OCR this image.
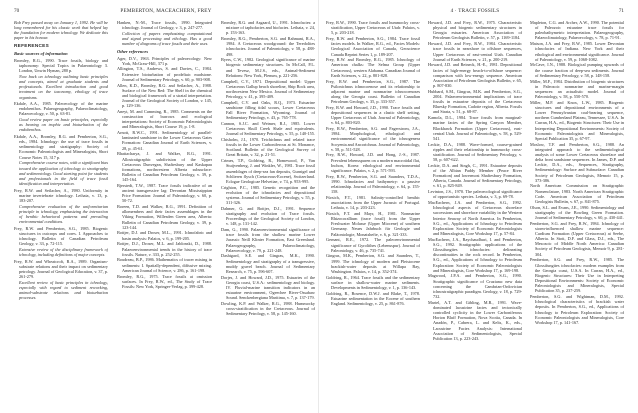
70	PEMBERTON, MACEACHERN, FREY	4 · TRACE FOSSILS	71

Bob Frey passed away on January 1, 1992. He will be long remembered for his classic work that helped lay the foundation for modern ichnology. We dedicate this paper in his honour.

REFERENCES
Basic sources of information

Bromley, R.G., 1990. Trace fossils, biology and taphonomy: Special Topics in Palaeontology 3. London, Unwin Hyman, 280 p.

Now back on ichnology outlining basic principles and concepts, aimed at graduate students and professionals. Excellent introduction and good treatment on the taxonomy, ethology of trace organisms.

Ekdale, A.A., 1985. Paleoecology of the marine endobenthos. Palaeogeography, Palaeoclimatology, Palaeoecology, v. 50, p. 63-81.

Good review paper on basic principles, especially as bearing on trophic and bioturbation of the endobenthos.

Ekdale, A.A., Bromley, R.G. and Pemberton, S.G., eds., 1984. Ichnology: the use of trace fossils in sedimentology and stratigraphy: Society of Economic Paleontologists and Mineralogists, Short Course Notes 15, 317 p.

Comprehensive course notes, with a significant bias toward the application of ichnology to stratigraphy and sedimentology. Good starting point for students and professionals in the field of trace fossil identification and interpretation.

Frey, R.W. and Seilacher, A., 1980. Uniformity in marine invertebrate ichnology. Lethaia, v. 13, p. 183-207.

Comprehensive evaluation of the uniformitarian principle in ichnology, emphasizing the interaction of benthic behavioral patterns and prevailing environmental conditions.

Frey, R.W. and Pemberton, S.G., 1985. Biogenic structures in outcrops and cores. I. Approaches to ichnology. Bulletin of Canadian Petroleum Geology, v. 33, p. 72-115.

Extensive review of the disciplinary framework of ichnology, including definitions of major concepts.

Frey, R.W. and Wheatcroft, R.A., 1989. Organism-substrate relations and their impact on sedimentary petrology. Journal of Geological Education, v. 37, p. 261-279.

Excellent review of basic principles in ichnology, especially with regard to sediment reworking, animal-substrate relations and bioturbation processes.

Hanken, N.-M., Trace fossils, 1990. Integrated ichnology. Journal of Geology, v. 3, p. 247-277.

Collection of papers emphasizing computational and signal processing and ethology. Has a good number of diagrams of trace fossils and their uses.

Other references

Ager, D.V., 1963. Principles of paleoecology: New York, McGraw-Hill, 371 p.

Allington, T.S., Andrews, S. and Davies, C., 1984. Extensive bioturbation of prodeltaic mudstone. Journal of Sedimentary Petrology, v. 60, p. 903-908.

Allen, K.D., Bromley, R.G. and Seilacher, A., 1988. Surface of the New Red: The Shelf in the chemical and biological framework of a stratal interpretation. Journal of the Geological Society of London, v. 145, p. 129-136.

Aneyt, M. and Cumming, R., 1985. Comments on the construction of burrows and ecological interpretations: Society of Economic Paleontologists and Mineralogists, Short Course 19, p. 1-8.

Arnott, R.W.C., 1991. Sedimentology of parallel-laminated sandstone in the Lower Cretaceous Gates Formation: Canadian Journal of Earth Sciences, v. 28, p. 45-61.

Bhattacharya, J. and Walker, R.G., 1991. Allostratigraphic subdivision of the Upper Cretaceous Dunvegan, Shaftesbury and Kaskapau formations, northwestern Alberta subsurface: Bulletin of Canadian Petroleum Geology, v. 39, p. 145-164.

Bjerstedt, T.W., 1987. Trace fossils indicative of an ancient transgressive lag: Devonian Mississippian Price Formation: Journal of Paleontology, v. 60, p. 50-72.

Boreen, T.D. and Walker, R.G., 1991. Definition of allomembers and their facies assemblages in the Viking Formation, Willesden Green area, Alberta: Bulletin of Canadian Petroleum Geology, v. 39, p. 123-144.

Bottjer, D.J. and Droser, M.L., 1991. Ichnofabric and basin analysis: Palaios, v. 6, p. 199-205.

Bottjer, D.J., Droser, M.L. and Jablonski, D., 1988. Palaeoenvironmental trends in the history of trace fossils. Nature, v. 333, p. 252-255.

Boudreau, B.P., 1986. Mathematics of tracer mixing in sediments: I. Spatially-dependent, diffusive mixing. American Journal of Science, v. 286, p. 161-198.

Bromley, R.G., 1975. Trace fossils at omission surfaces. In Frey, R.W., ed., The Study of Trace Fossils: New York, Springer-Verlag, p. 399-428.

Bromley, R.G. and Asgaard, U., 1991. Ichnofacies: a mixture of taphofacies and biofacies. Lethaia, v. 24, p. 153-163.

Bromley, R.G., Pemberton, S.G. and Rahmani, R.A., 1984. A Cretaceous woodground: the Teredolites ichnofacies. Journal of Paleontology, v. 58, p. 488-498.

Byers, C.W., 1982. Geological significance of marine biogenic sedimentary structures. In McCall, P.L. and Tevesz, M.J.S., eds., Animal-Sediment Relations: New York, Plenum, p. 221-256.

Campbell, C.V., 1971. Depositional model: Upper Cretaceous Gallup beach shoreline, Ship Rock area, northwestern New Mexico. Journal of Sedimentary Petrology, v. 41, p. 395-409.

Campbell, C.V. and Oaks, R.Q., 1973. Estuarine sandstone filling tidal scours, Lower Cretaceous Fall River Formation, Wyoming. Journal of Sedimentary Petrology, v. 43, p. 765-778.

Cannon, S.J.C. and Weimer, R.J., 1985. Lower Cretaceous Skull Creek Shale and equivalents. Journal of Sedimentary Petrology, v. 55, p. 140-155.

Chisholm, J.I., 1970. Teichichnus and related trace fossils in the Lower Carboniferous at St. Monance, Scotland. Bulletin of the Geological Survey of Great Britain, v. 32, p. 21-51.

Crimes, T.P., Goldring, R., Homewood, P., Van Stuijvenberg, J. and Winkler, W., 1981. Trace fossil assemblages of deep-sea fan deposits, Gurnigel and Schlieren flysch (Cretaceous-Eocene), Switzerland. Eclogae Geologicae Helvetiae, v. 74, p. 953-995.

Crighton, P.C., 1985. Genetic recognition and the evolution of the ichnofacies and depositional systems. Journal of Sedimentary Petrology, v. 55, p. 311-326.

Dahmer, G. and Bottjer, D.J., 1991. Sequence stratigraphy and evolution of Trace fossils. Proceedings of the Geological Society of London, v. 148, p. 131-142.

Dam, G., 1990. Palaeoenvironmental significance of trace fossils from the shallow marine Lower Jurassic Neill Klinter Formation, East Greenland. Palaeogeography, Palaeoclimatology, Palaeoecology, v. 79, p. 221-248.

Dashtgard, S.E. and Gingras, M.K., 1990. Sedimentology and stratigraphy of a transgressive, muddy gravel beach. Journal of Sedimentary Research, v. 75, p. 596-607.

Dorjes, J. and Howard, J.D., 1975. Estuaries of the Georgia coast, U.S.A.: sedimentology and biology. IV. Fluvial-marine transition indicators in an estuarine environment, Ogeechee River-Ossabaw Sound. Senckenbergiana Maritima, v. 7, p. 137-179.

Dowling, K.P. and Walker, R.G., 1988. Hummocky cross-stratification in the Cretaceous. Journal of Sedimentary Petrology, v. 58, p. 145-160.

Frey, R.W., 1990. Trace fossils and hummocky cross-stratification, Upper Cretaceous of Utah: Palaios, v. 5, p. 203-218.

Frey, R.W. and Pemberton, S.G., 1984. Trace fossil facies models. In Walker, R.G., ed., Facies Models: Geological Association of Canada, Geoscience Canada Reprint Series 1, p. 189-207.

Frey, R.W. and Bromley, R.G., 1985. Ichnology of American chalks: The Selma Group (Upper Cretaceous), western Alabama. Canadian Journal of Earth Sciences, v. 22, p. 801-828.

Frey, R.W. and Pemberton, S.G., 1987. The Psilonichnus ichnocoenose and its relationship to adjacent marine and nonmarine ichnocoenoses along the Georgia coast. Bulletin of Canadian Petroleum Geology, v. 35, p. 333-357.

Frey, R.W. and Howard, J.D., 1990. Trace fossils and depositional sequences in a clastic shelf setting, Upper Cretaceous of Utah. Journal of Paleontology, v. 64, p. 803-820.

Frey, R.W., Pemberton, S.G. and Fagerstrom, J.A., 1984. Morphological, ethological and environmental significance of the ichnogenera Scoyenia and Ancorichnus. Journal of Paleontology, v. 58, p. 511-528.

Frey, R.W., Howard, J.D. and Hong, J.-S., 1987. Prevalent lebensspuren on a modern macrotidal flat, Inchon, Korea: ethological and environmental significance. Palaios, v. 2, p. 571-593.

Frey, R.W., Pemberton, S.G. and Saunders, T.D.A., 1990. Ichnofacies and bathymetry: a passive relationship. Journal of Paleontology, v. 64, p. 155-158.

Fürsich, F.T., 1981. Salinity-controlled benthic associations from the Upper Jurassic of Portugal. Lethaia, v. 14, p. 203-223.

Fürsich, F.T. and Mayr, H., 1981. Nonmarine Rhizocorallium (trace fossil) from the Upper Freshwater Molasse (Upper Miocene) of southern Germany. Neues Jahrbuch für Geologie und Paläontologie, Monatshefte, v. 6, p. 321-333.

Gernant, R.E., 1972. The paleoenvironmental significance of Gyrolithes (Lebensspur). Journal of Paleontology, v. 46, p. 735-741.

Gingras, M.K., Pemberton, S.G. and Saunders, T., 1999. The ichnology of modern and Pleistocene brackish-water deposits at Willapa Bay, Washington. Palaios, v. 14, p. 352-374.

Goldring, R., 1964. Trace fossils and the sedimentary surface in shallow-water marine sediments. Developments in Sedimentology, v. 1, p. 136-143.

Goldring, R., Bosence, D.W.J. and Blake, T., 1978. Estuarine sedimentation in the Eocene of southern England. Sedimentology, v. 25, p. 861-876.

Howard, J.D. and Frey, R.W., 1975. Characteristic physical and biogenic sedimentary structures in Georgia estuaries. American Association of Petroleum Geologists Bulletin, v. 57, p. 1169-1184.

Howard, J.D. and Frey, R.W., 1984. Characteristic trace fossils in nearshore to offshore sequences, Upper Cretaceous of east-central Utah. Canadian Journal of Earth Sciences, v. 21, p. 200-219.

Howard, J.D. and Reineck, H.-E., 1981. Depositional facies of high-energy beach-to-offshore sequence: comparison with low-energy sequence. American Association of Petroleum Geologists Bulletin, v. 65, p. 807-830.

Hubbard, S.M., Gingras, M.K. and Pemberton, S.G., 2004. Palaeoenvironmental implications of trace fossils in estuarine deposits of the Cretaceous Bluesky Formation, Cadotte region, Alberta. Fossils and Strata, v. 51, p. 68-87.

Kamola, D.L., 1984. Trace fossils from marginal-marine facies of the Spring Canyon Member, Blackhawk Formation (Upper Cretaceous), east-central Utah. Journal of Paleontology, v. 58, p. 529-541.

Leckie, D.A., 1988. Wave-formed, coarse-grained ripples and their relationship to hummocky cross-stratification. Journal of Sedimentary Petrology, v. 58, p. 607-622.

Leckie, D.A. and Singh, C., 1991. Estuarine deposits of the Albian Paddy Member (Peace River Formation) and lowermost Shaftesbury Formation, Alberta, Canada. Journal of Sedimentary Petrology, v. 61, p. 825-849.

Levinton, J.S., 1970. The paleoecological significance of opportunistic species. Lethaia, v. 3, p. 69-78.

MacEachern, J.A. and Pemberton, S.G., 1992. Ichnological aspects of Cretaceous shoreface successions and shoreface variability in the Western Interior Seaway of North America. In Pemberton, S.G., ed., Applications of Ichnology to Petroleum Exploration: Society of Economic Paleontologists and Mineralogists, Core Workshop 17, p. 57-84.

MacEachern, J.A., Raychaudhuri, I. and Pemberton, S.G., 1992. Stratigraphic applications of the Glossifungites ichnofacies: delineating discontinuities in the rock record. In Pemberton, S.G., ed., Applications of Ichnology to Petroleum Exploration: Society of Economic Paleontologists and Mineralogists, Core Workshop 17, p. 169-198.

Magwood, J.P.A. and Pemberton, S.G., 1990. Stratigraphic significance of Cruziana: new data concerning the Cambrian-Ordovician ichnostratigraphic paradigm. Geology, v. 18, p. 729-732.

Martel, A.T. and Gibling, M.R., 1991. Wave-dominated lacustrine facies and tectonically controlled cyclicity in the Lower Carboniferous Horton Bluff Formation, Nova Scotia, Canada. In Anadón, P., Cabrera, L. and Kelts, K., eds., Lacustrine Facies Analysis: International Association of Sedimentologists, Special Publication 13, p. 223-243.

Mapleton, C.G. and Archer, A.W., 1990. The potential of Paleozoic estuarine trace fossils for paleobathymetric interpretation. Palaeogeography, Palaeoclimatology, Palaeoecology, v. 78, p. 71-91.

Matson, J.A. and Frey, R.W., 1985. Lower Devonian ichnofacies of Indiana. New York and their ethological and environmental significance. Journal of Paleontology, v. 59, p. 1068-1082.

McCave, I.N., 1988. Biological pumping upwards of the coarse fraction of deep-sea sediments. Journal of Sedimentary Petrology, v. 58, p. 148-158.

Miller, M.F., 1984. Distribution of biogenic structures in Paleozoic nonmarine and marine-margin sequences: an actualistic model. Journal of Paleontology, v. 58, p. 550-570.

Miller, M.F. and Knox, L.W., 1985. Biogenic structures and depositional environments of a Lower Pennsylvanian coal-bearing sequence, northern Cumberland Plateau, Tennessee, U.S.A. In Curran, H.A., ed., Biogenic Structures: Their Use in Interpreting Depositional Environments: Society of Economic Paleontologists and Mineralogists, Special Publication 35, p. 67-97.

Moslow, T.F. and Pemberton, S.G., 1988. An integrated approach to the sedimentological analysis of some Lower Cretaceous shoreface and delta front sandstone sequences. In James, D.P. and Leckie, D.A., eds., Sequences, Stratigraphy, Sedimentology: Surface and Subsurface: Canadian Society of Petroleum Geologists, Memoir 15, p. 373-386.

North American Commission on Stratigraphic Nomenclature, 1983. North American Stratigraphic Code. American Association of Petroleum Geologists Bulletin, v. 67, p. 841-875.

Olson, S.L. and Evans, J.E., 1990. Sedimentology and stratigraphy of the Bowling Green Formation. Journal of Sedimentary Petrology, v. 60, p. 430-441.

Pemberton, S.G. and Frey, R.W., 1984. Ichnology of storm-influenced shallow marine sequence: Cardium Formation (Upper Cretaceous) at Seebe, Alberta. In Stott, D.F. and Glass, D.J., eds., The Mesozoic of Middle North America: Canadian Society of Petroleum Geologists, Memoir 9, p. 281-304.

Pemberton, S.G. and Frey, R.W., 1985. The Glossifungites ichnofacies: modern examples from the Georgia coast, U.S.A. In Curran, H.A., ed., Biogenic Structures: Their Use in Interpreting Depositional Environments: Society of Economic Paleontologists and Mineralogists, Special Publication 35, p. 237-259.

Pemberton, S.G. and Wightman, D.M., 1992. Ichnological characteristics of brackish water deposits. In Pemberton, S.G., ed., Applications of Ichnology to Petroleum Exploration: Society of Economic Paleontologists and Mineralogists, Core Workshop 17, p. 141-167.
